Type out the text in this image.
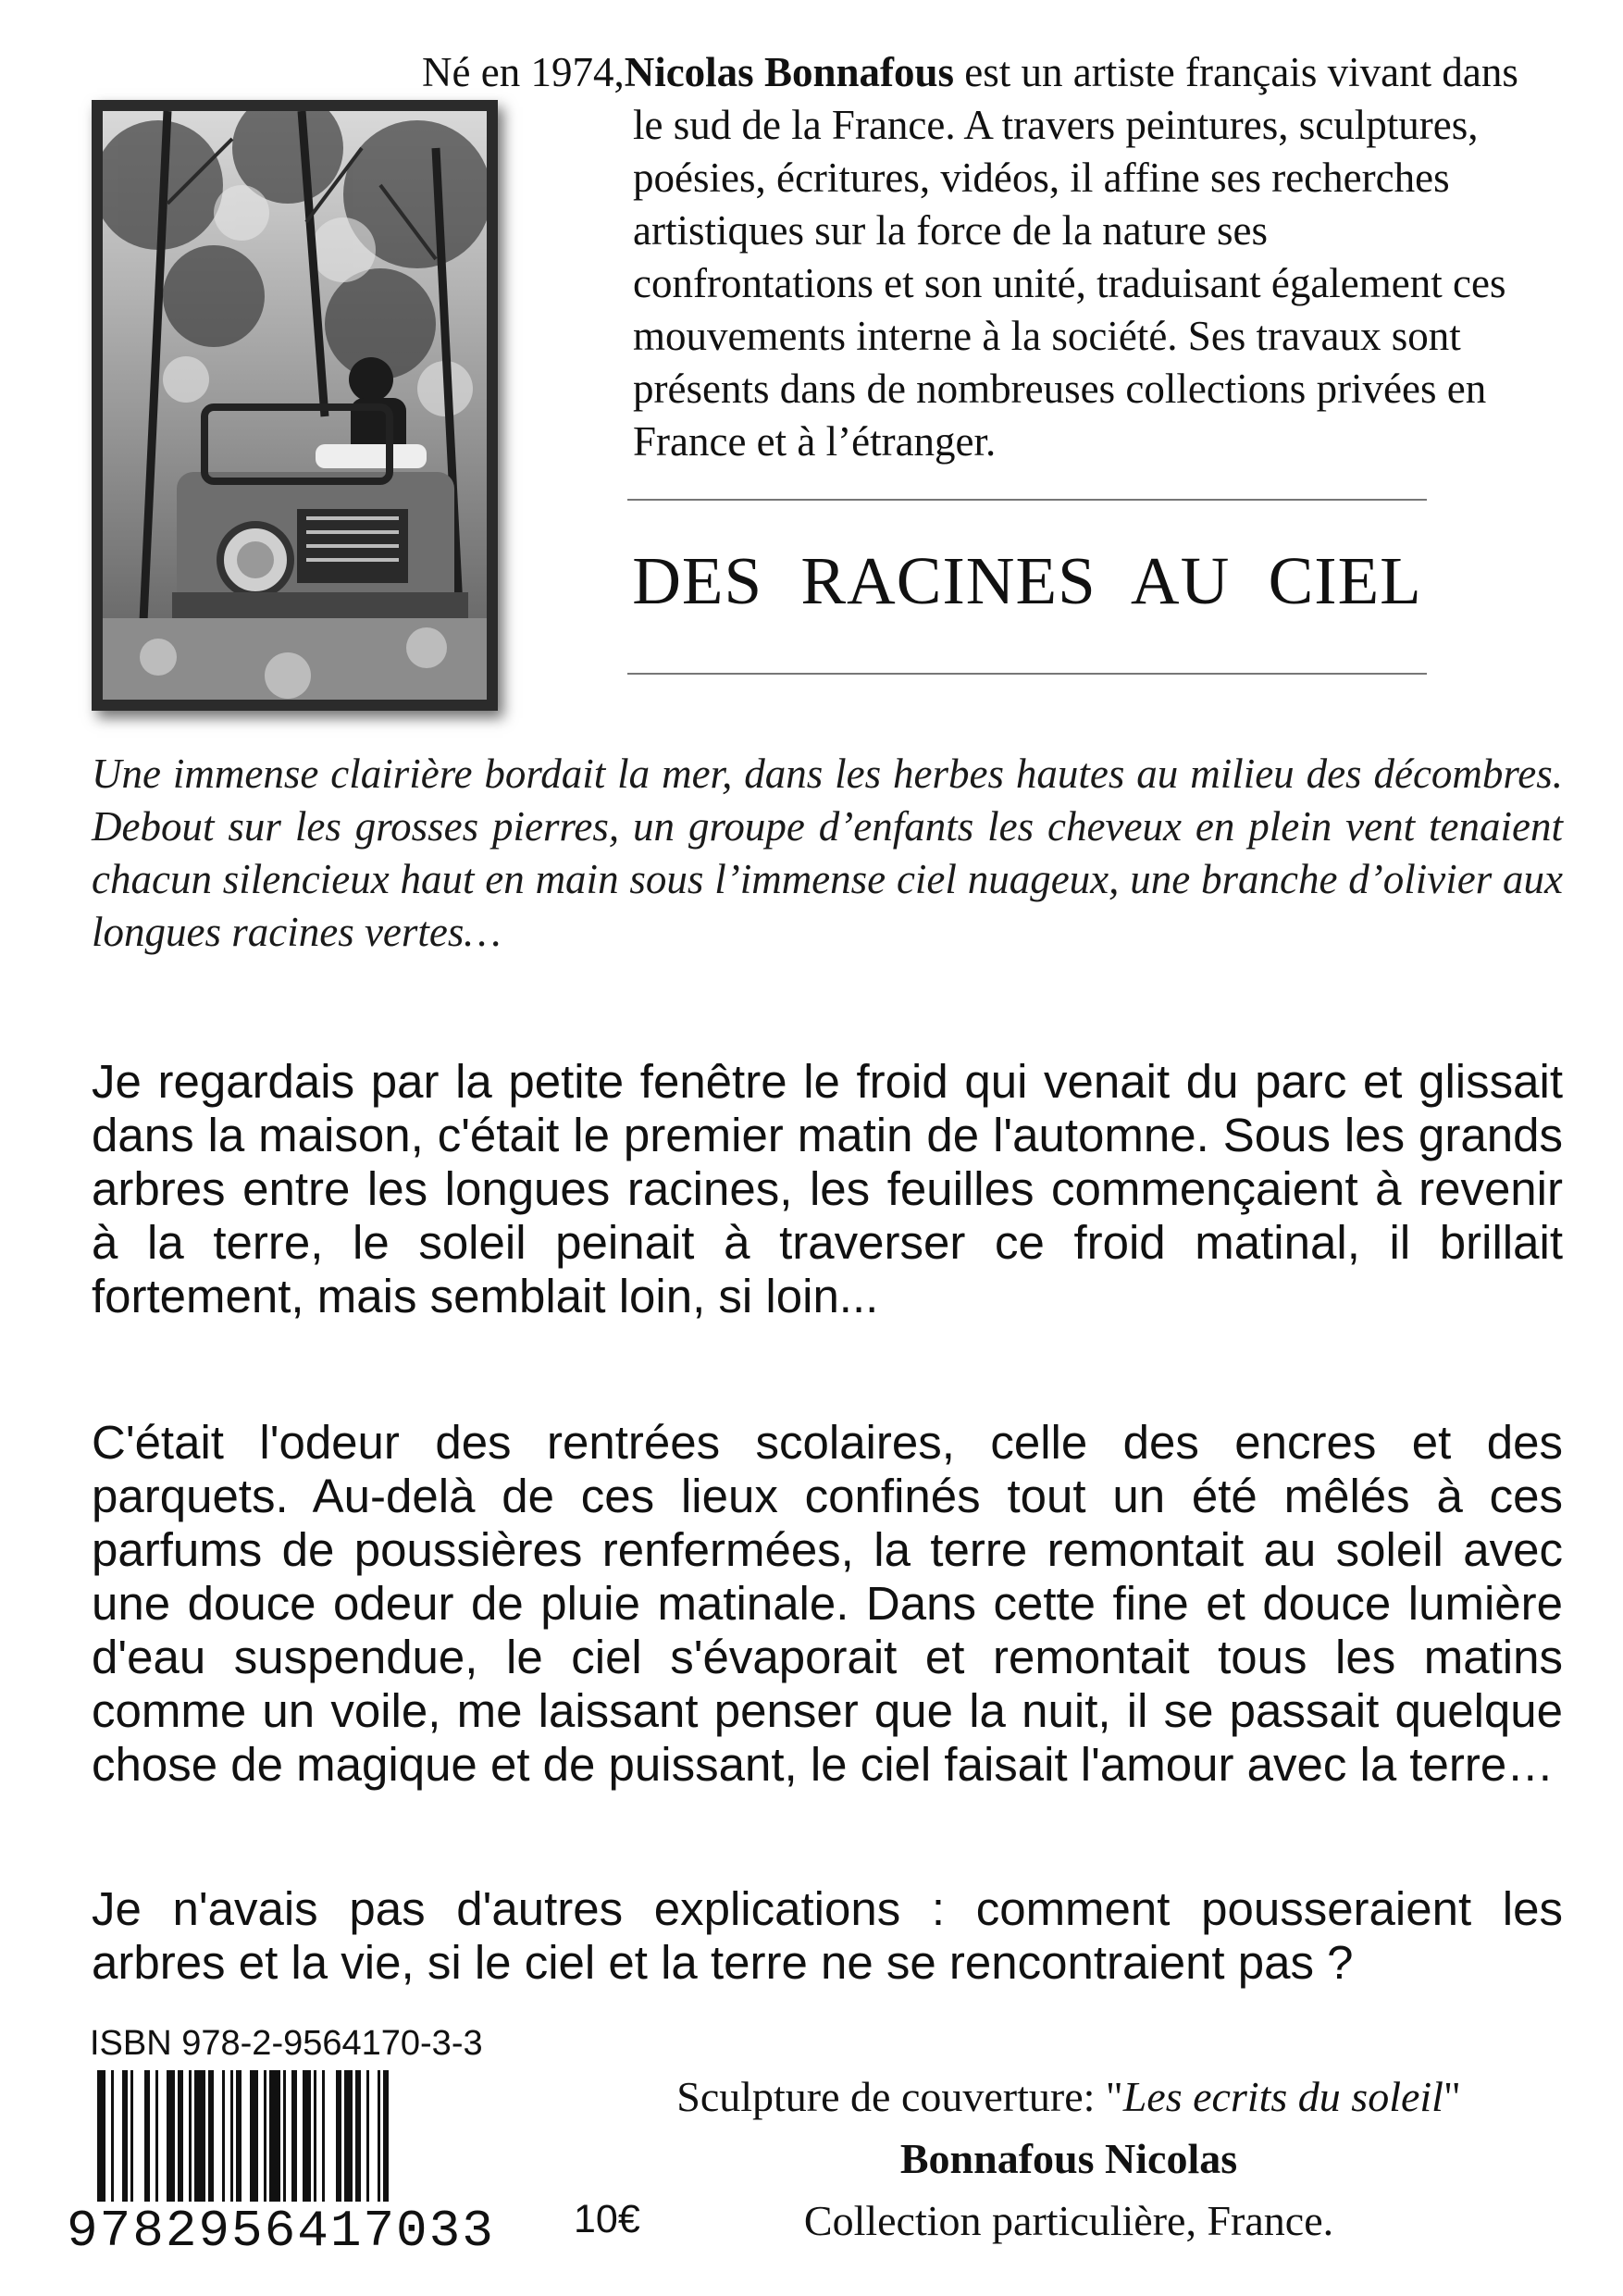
Né en 1974,Nicolas Bonnafous est un artiste français vivant dans
le sud de la France. A travers peintures, sculptures, poésies, écritures, vidéos, il affine ses recherches artistiques sur la force de la nature ses confrontations et son unité, traduisant également ces mouvements interne à la société. Ses travaux sont présents dans de nombreuses collections privées en France et à l’étranger.
DES RACINES AU CIEL
Une immense clairière bordait la mer, dans les herbes hautes au milieu des décombres. Debout sur les grosses pierres, un groupe d’enfants les cheveux en plein vent tenaient chacun silencieux haut en main sous l’immense ciel nuageux, une branche d’olivier aux longues racines vertes…
Je regardais par la petite fenêtre le froid qui venait du parc et glissait dans la maison, c'était le premier matin de l'automne. Sous les grands arbres entre les longues racines, les feuilles commençaient à revenir à la terre, le soleil peinait à traverser ce froid matinal, il brillait fortement, mais semblait loin, si loin...
C'était l'odeur des rentrées scolaires, celle des encres et des parquets. Au-delà de ces lieux confinés tout un été mêlés à ces parfums de poussières renfermées, la terre remontait au soleil avec une douce odeur de pluie matinale. Dans cette fine et douce lumière d'eau suspendue, le ciel s'évaporait et remontait tous les matins comme un voile, me laissant penser que la nuit, il se passait quelque chose de magique et de puissant, le ciel faisait l'amour avec la terre…
Je n'avais pas d'autres explications : comment pousseraient les arbres et la vie, si le ciel et la terre ne se rencontraient pas ?
ISBN 978-2-9564170-3-3
9782956417033 10€
Sculpture de couverture: "Les ecrits du soleil"
Bonnafous Nicolas
Collection particulière, France.
